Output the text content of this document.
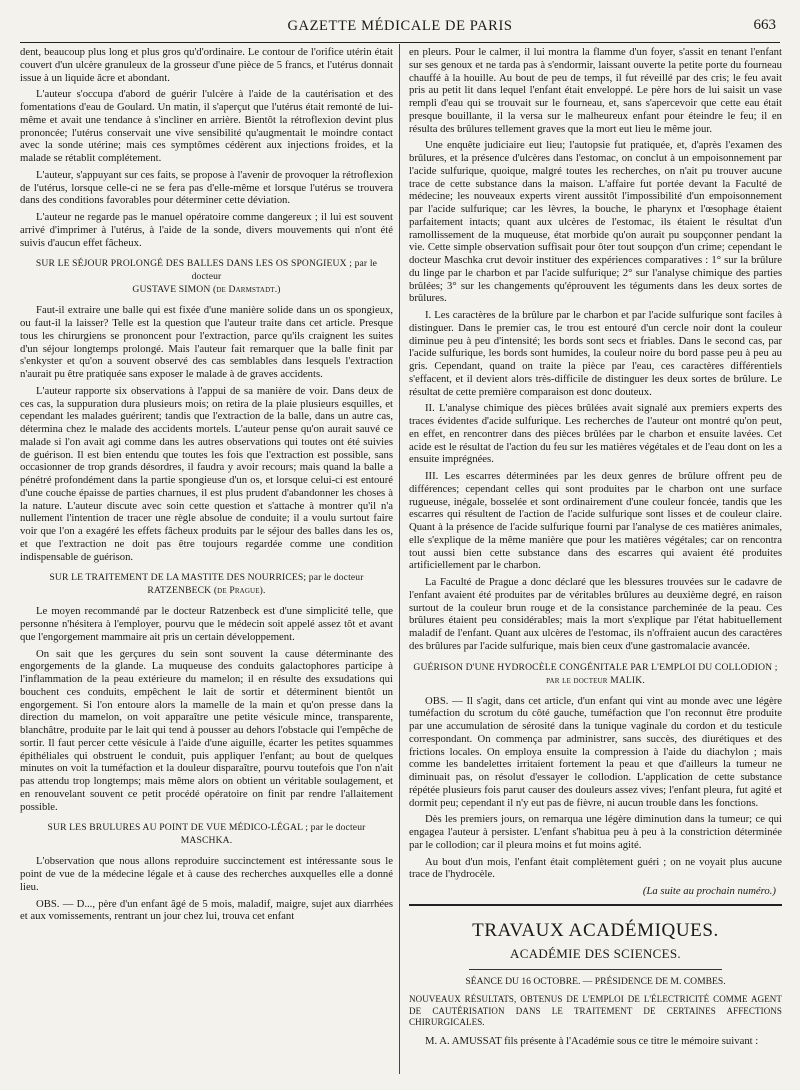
GAZETTE MÉDICALE DE PARIS	663

dent, beaucoup plus long et plus gros qu'd'ordinaire. Le contour de l'orifice utérin était couvert d'un ulcère granuleux de la grosseur d'une pièce de 5 francs, et l'utérus donnait issue à un liquide âcre et abondant.

L'auteur s'occupa d'abord de guérir l'ulcère à l'aide de la cautérisation et des fomentations d'eau de Goulard. Un matin, il s'aperçut que l'utérus était remonté de lui-même et avait une tendance à s'incliner en arrière. Bientôt la rétroflexion devint plus prononcée; l'utérus conservait une vive sensibilité qu'augmentait le moindre contact avec la sonde utérine; mais ces symptômes cédèrent aux injections froides, et la malade se rétablit complétement.

L'auteur, s'appuyant sur ces faits, se propose à l'avenir de provoquer la rétroflexion de l'utérus, lorsque celle-ci ne se fera pas d'elle-même et lorsque l'utérus se trouvera dans des conditions favorables pour déterminer cette déviation.

L'auteur ne regarde pas le manuel opératoire comme dangereux ; il lui est souvent arrivé d'imprimer à l'utérus, à l'aide de la sonde, divers mouvements qui n'ont été suivis d'aucun effet fâcheux.

SUR LE SÉJOUR PROLONGÉ DES BALLES DANS LES OS SPONGIEUX ; par le docteur
GUSTAVE SIMON (de Darmstadt.)

Faut-il extraire une balle qui est fixée d'une manière solide dans un os spongieux, ou faut-il la laisser? Telle est la question que l'auteur traite dans cet article. Presque tous les chirurgiens se prononcent pour l'extraction, parce qu'ils craignent les suites d'un séjour longtemps prolongé. Mais l'auteur fait remarquer que la balle finit par s'enkyster et qu'on a souvent observé des cas semblables dans lesquels l'extraction n'aurait pu être pratiquée sans exposer le malade à de graves accidents.

L'auteur rapporte six observations à l'appui de sa manière de voir. Dans deux de ces cas, la suppuration dura plusieurs mois; on retira de la plaie plusieurs esquilles, et cependant les malades guérirent; tandis que l'extraction de la balle, dans un autre cas, détermina chez le malade des accidents mortels. L'auteur pense qu'on aurait sauvé ce malade si l'on avait agi comme dans les autres observations qui toutes ont été suivies de guérison. Il est bien entendu que toutes les fois que l'extraction est possible, sans occasionner de trop grands désordres, il faudra y avoir recours; mais quand la balle a pénétré profondément dans la partie spongieuse d'un os, et lorsque celui-ci est entouré d'une couche épaisse de parties charnues, il est plus prudent d'abandonner les choses à la nature. L'auteur discute avec soin cette question et s'attache à montrer qu'il n'a nullement l'intention de tracer une règle absolue de conduite; il a voulu surtout faire voir que l'on a exagéré les effets fâcheux produits par le séjour des balles dans les os, et que l'extraction ne doit pas être toujours regardée comme une condition indispensable de guérison.

SUR LE TRAITEMENT DE LA MASTITE DES NOURRICES; par le docteur
RATZENBECK (de Prague).

Le moyen recommandé par le docteur Ratzenbeck est d'une simplicité telle, que personne n'hésitera à l'employer, pourvu que le médecin soit appelé assez tôt et avant que l'engorgement mammaire ait pris un certain développement.

On sait que les gerçures du sein sont souvent la cause déterminante des engorgements de la glande. La muqueuse des conduits galactophores participe à l'inflammation de la peau extérieure du mamelon; il en résulte des exsudations qui bouchent ces conduits, empêchent le lait de sortir et déterminent bientôt un engorgement. Si l'on entoure alors la mamelle de la main et qu'on presse dans la direction du mamelon, on voit apparaître une petite vésicule mince, transparente, blanchâtre, produite par le lait qui tend à pousser au dehors l'obstacle qui l'empêche de sortir. Il faut percer cette vésicule à l'aide d'une aiguille, écarter les petites squammes épithéliales qui obstruent le conduit, puis appliquer l'enfant; au bout de quelques minutes on voit la tuméfaction et la douleur disparaître, pourvu toutefois que l'on n'ait pas attendu trop longtemps; mais même alors on obtient un véritable soulagement, et en renouvelant souvent ce petit procédé opératoire on finit par rendre l'allaitement possible.

SUR LES BRULURES AU POINT DE VUE MÉDICO-LÉGAL ; par le docteur
MASCHKA.

L'observation que nous allons reproduire succinctement est intéressante sous le point de vue de la médecine légale et à cause des recherches auxquelles elle a donné lieu.

OBS. — D..., père d'un enfant âgé de 5 mois, maladif, maigre, sujet aux diarrhées et aux vomissements, rentrant un jour chez lui, trouva cet enfant

en pleurs. Pour le calmer, il lui montra la flamme d'un foyer, s'assit en tenant l'enfant sur ses genoux et ne tarda pas à s'endormir, laissant ouverte la petite porte du fourneau chauffé à la houille. Au bout de peu de temps, il fut réveillé par des cris; le feu avait pris au petit lit dans lequel l'enfant était enveloppé. Le père hors de lui saisit un vase rempli d'eau qui se trouvait sur le fourneau, et, sans s'apercevoir que cette eau était presque bouillante, il la versa sur le malheureux enfant pour éteindre le feu; il en résulta des brûlures tellement graves que la mort eut lieu le même jour.

Une enquête judiciaire eut lieu; l'autopsie fut pratiquée, et, d'après l'examen des brûlures, et la présence d'ulcères dans l'estomac, on conclut à un empoisonnement par l'acide sulfurique, quoique, malgré toutes les recherches, on n'ait pu trouver aucune trace de cette substance dans la maison. L'affaire fut portée devant la Faculté de médecine; les nouveaux experts virent aussitôt l'impossibilité d'un empoisonnement par l'acide sulfurique; car les lèvres, la bouche, le pharynx et l'œsophage étaient parfaitement intacts; quant aux ulcères de l'estomac, ils étaient le résultat d'un ramollissement de la muqueuse, état morbide qu'on aurait pu soupçonner pendant la vie. Cette simple observation suffisait pour ôter tout soupçon d'un crime; cependant le docteur Maschka crut devoir instituer des expériences comparatives : 1° sur la brûlure du linge par le charbon et par l'acide sulfurique; 2° sur l'analyse chimique des parties brûlées; 3° sur les changements qu'éprouvent les téguments dans les deux sortes de brûlures.

I. Les caractères de la brûlure par le charbon et par l'acide sulfurique sont faciles à distinguer. Dans le premier cas, le trou est entouré d'un cercle noir dont la couleur diminue peu à peu d'intensité; les bords sont secs et friables. Dans le second cas, par l'acide sulfurique, les bords sont humides, la couleur noire du bord passe peu à peu au gris. Cependant, quand on traite la pièce par l'eau, ces caractères différentiels s'effacent, et il devient alors très-difficile de distinguer les deux sortes de brûlure. Le résultat de cette première comparaison est donc douteux.

II. L'analyse chimique des pièces brûlées avait signalé aux premiers experts des traces évidentes d'acide sulfurique. Les recherches de l'auteur ont montré qu'on peut, en effet, en rencontrer dans des pièces brûlées par le charbon et ensuite lavées. Cet acide est le résultat de l'action du feu sur les matières végétales et de l'eau dont on les a ensuite imprégnées.

III. Les escarres déterminées par les deux genres de brûlure offrent peu de différences; cependant celles qui sont produites par le charbon ont une surface rugueuse, inégale, bosselée et sont ordinairement d'une couleur foncée, tandis que les escarres qui résultent de l'action de l'acide sulfurique sont lisses et de couleur claire. Quant à la présence de l'acide sulfurique fourni par l'analyse de ces matières animales, elle s'explique de la même manière que pour les matières végétales; car on rencontra tout aussi bien cette substance dans des escarres qui avaient été produites artificiellement par le charbon.

La Faculté de Prague a donc déclaré que les blessures trouvées sur le cadavre de l'enfant avaient été produites par de véritables brûlures au deuxième degré, en raison surtout de la couleur brun rouge et de la consistance parcheminée de la peau. Ces brûlures étaient peu considérables; mais la mort s'explique par l'état habituellement maladif de l'enfant. Quant aux ulcères de l'estomac, ils n'offraient aucun des caractères des brûlures par l'acide sulfurique, mais bien ceux d'une gastromalacie avancée.

GUÉRISON D'UNE HYDROCÈLE CONGÉNITALE PAR L'EMPLOI DU COLLODION ;
par le docteur MALIK.

OBS. — Il s'agit, dans cet article, d'un enfant qui vint au monde avec une légère tuméfaction du scrotum du côté gauche, tuméfaction que l'on reconnut être produite par une accumulation de sérosité dans la tunique vaginale du cordon et du testicule correspondant. On commença par administrer, sans succès, des diurétiques et des frictions locales. On employa ensuite la compression à l'aide du diachylon ; mais comme les bandelettes irritaient fortement la peau et que d'ailleurs la tumeur ne diminuait pas, on résolut d'essayer le collodion. L'application de cette substance répétée plusieurs fois parut causer des douleurs assez vives; l'enfant pleura, fut agité et dormit peu; cependant il n'y eut pas de fièvre, ni aucun trouble dans les fonctions.

Dès les premiers jours, on remarqua une légère diminution dans la tumeur; ce qui engagea l'auteur à persister. L'enfant s'habitua peu à peu à la constriction déterminée par le collodion; car il pleura moins et fut moins agité.

Au bout d'un mois, l'enfant était complètement guéri ; on ne voyait plus aucune trace de l'hydrocèle.

(La suite au prochain numéro.)
TRAVAUX ACADÉMIQUES.
ACADÉMIE DES SCIENCES.
SÉANCE DU 16 OCTOBRE. — PRÉSIDENCE DE M. COMBES.
NOUVEAUX RÉSULTATS, OBTENUS DE L'EMPLOI DE L'ÉLECTRICITÉ COMME AGENT DE CAUTÉRISATION DANS LE TRAITEMENT DE CERTAINES AFFECTIONS CHIRURGICALES.

M. A. AMUSSAT fils présente à l'Académie sous ce titre le mémoire suivant :
